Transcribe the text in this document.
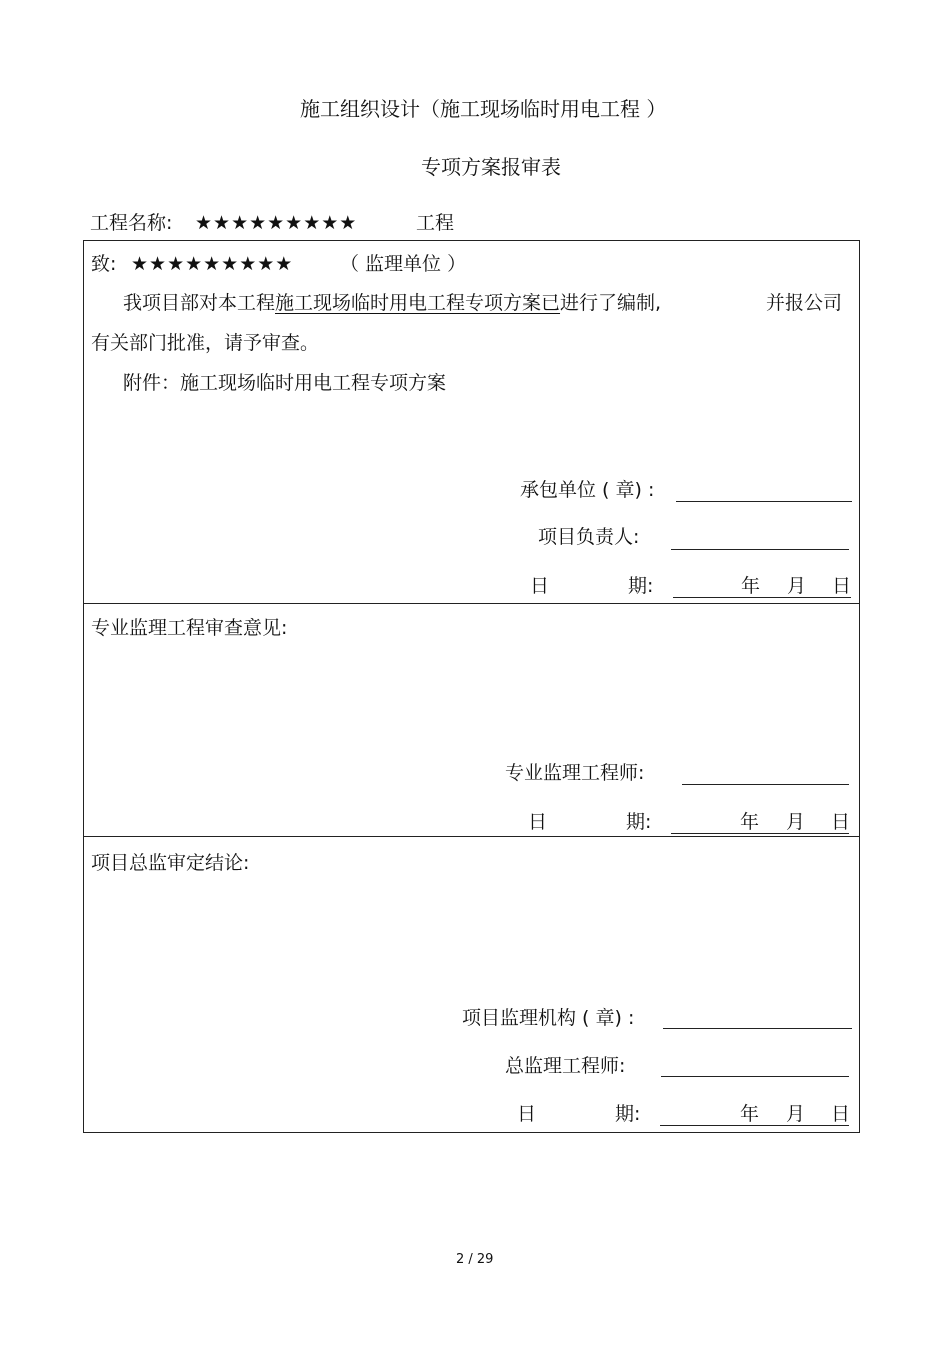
施工组织设计（施工现场临时用电工程 ）
专项方案报审表
工程名称: ★★★★★★★★★	工程
致: ★★★★★★★★★ （ 监理单位 ）
我项目部对本工程施工现场临时用电工程专项方案已进行了编制,	并报公司
有关部门批准，请予审查。
附件：施工现场临时用电工程专项方案
承包单位 ( 章) :
项目负责人:
日	期:	年 月 日
专业监理工程审查意见:
专业监理工程师:
日	期:	年 月 日
项目总监审定结论:
项目监理机构 ( 章) :
总监理工程师:
日	期:	年 月 日
2 / 29
